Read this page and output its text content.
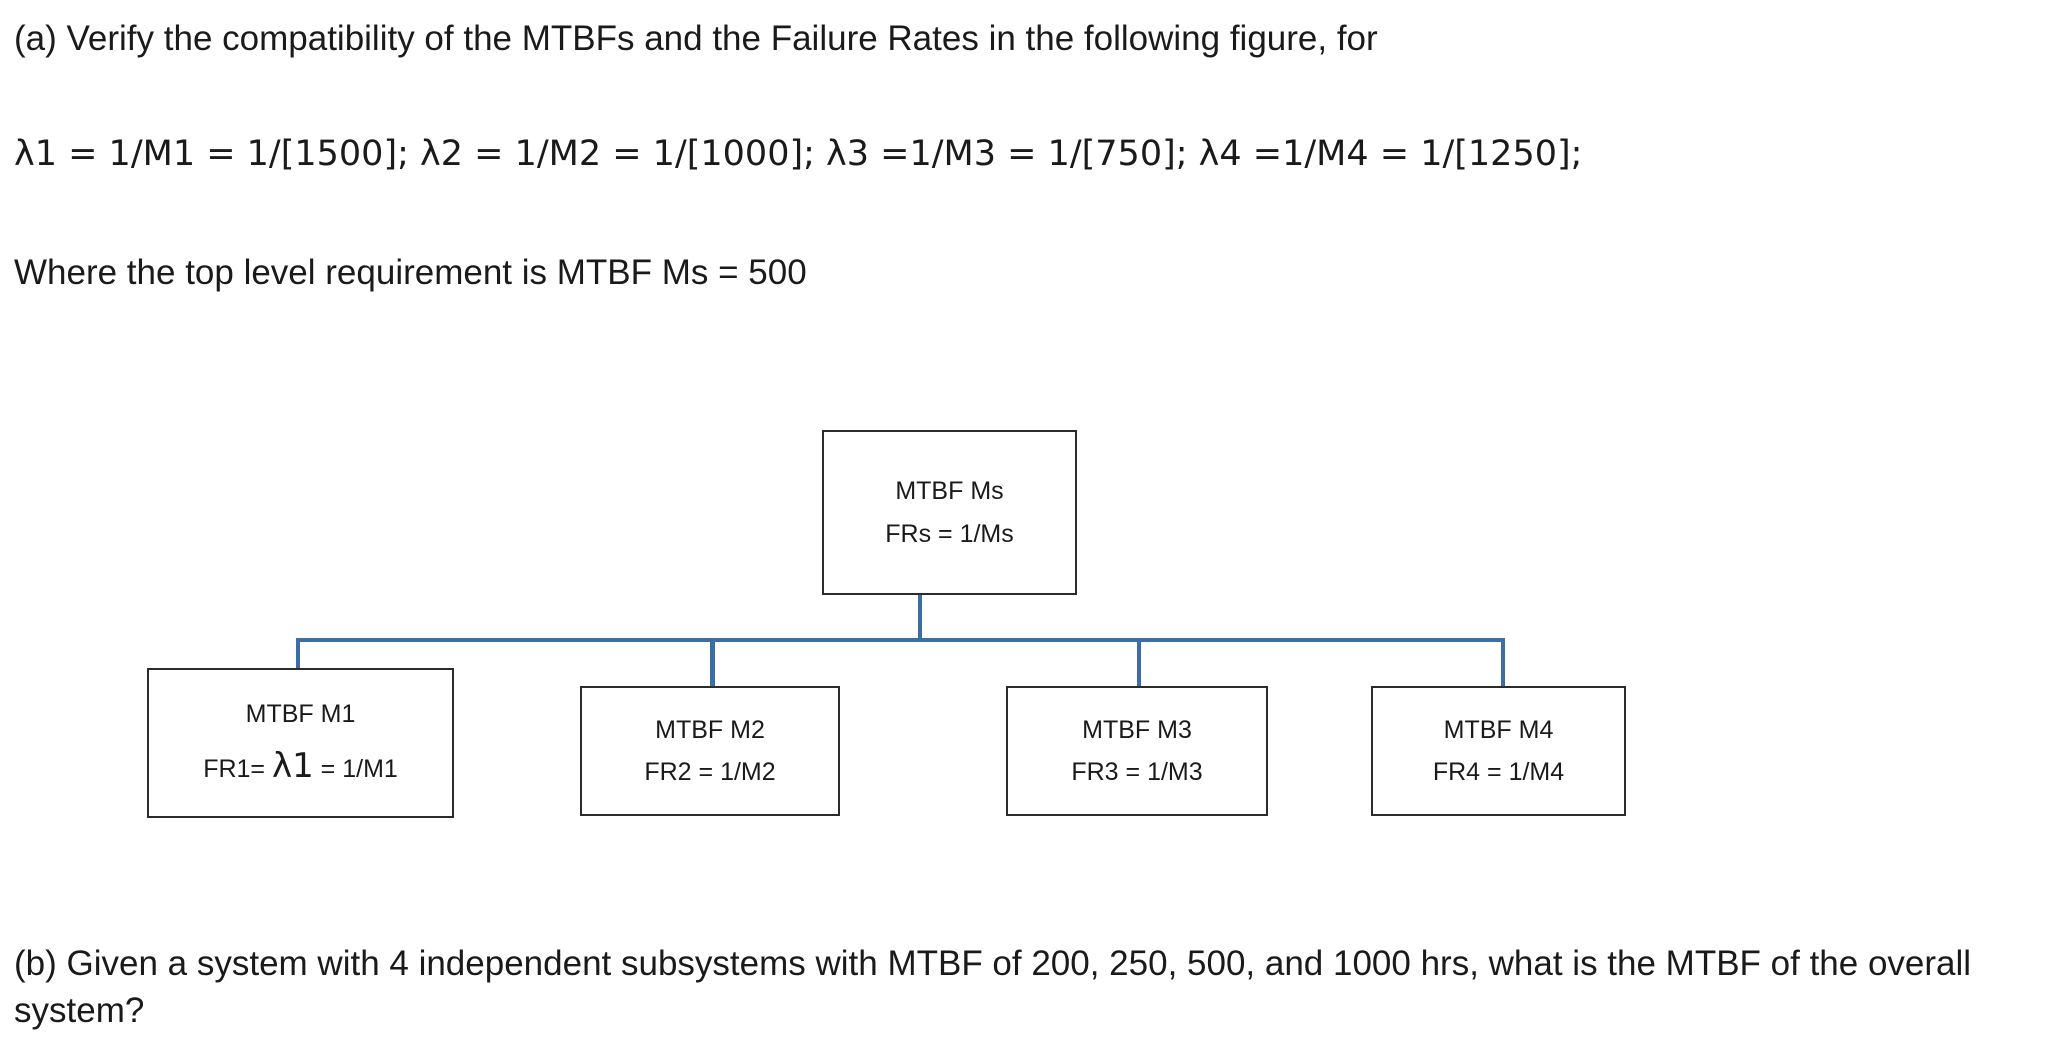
(a) Verify the compatibility of the MTBFs and the Failure Rates in the following figure, for
λ1 = 1/M1 = 1/[1500]; λ2 = 1/M2 = 1/[1000]; λ3 =1/M3 = 1/[750]; λ4 =1/M4 = 1/[1250];
Where the top level requirement is MTBF Ms = 500
MTBF Ms
FRs = 1/Ms
MTBF M1
FR1= λ1 = 1/M1
MTBF M2
FR2 = 1/M2
MTBF M3
FR3 = 1/M3
MTBF M4
FR4 = 1/M4
(b) Given a system with 4 independent subsystems with MTBF of 200, 250, 500, and 1000 hrs, what is the MTBF of the overall system?
